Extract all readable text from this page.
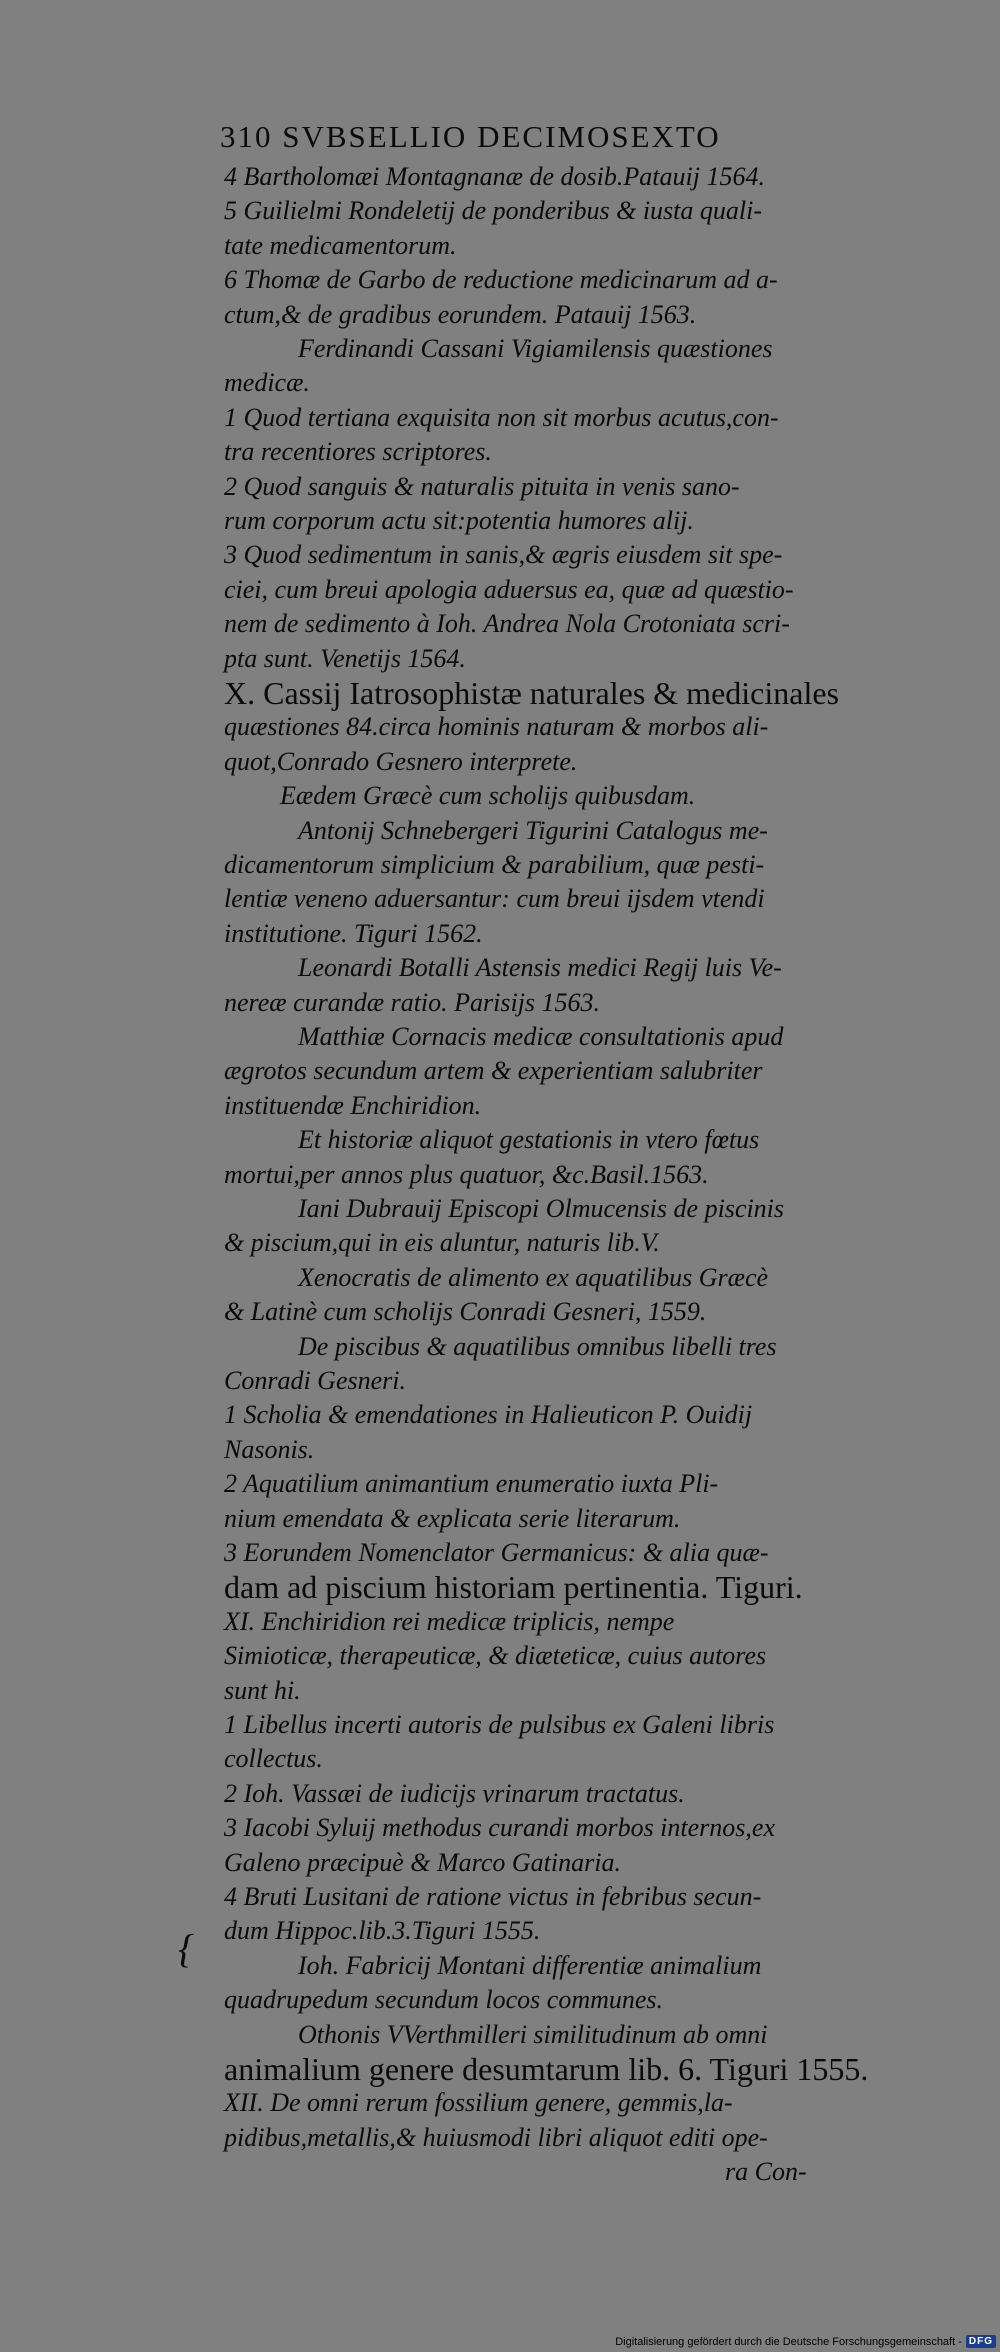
310 SVBSELLIO DECIMOSEXTO
4 Bartholomæi Montagnanæ de dosib.Patauij 1564.
5 Guilielmi Rondeletij de ponderibus & iusta quali-
tate medicamentorum.
6 Thomæ de Garbo de reductione medicinarum ad a-
ctum,& de gradibus eorundem. Patauij 1563.
Ferdinandi Cassani Vigiamilensis quæstiones
medicæ.
1 Quod tertiana exquisita non sit morbus acutus,con-
tra recentiores scriptores.
2 Quod sanguis & naturalis pituita in venis sano-
rum corporum actu sit:potentia humores alij.
3 Quod sedimentum in sanis,& ægris eiusdem sit spe-
ciei, cum breui apologia aduersus ea, quæ ad quæstio-
nem de sedimento à Ioh. Andrea Nola Crotoniata scri-
pta sunt. Venetijs 1564.
X. Cassij Iatrosophistæ naturales & medicinales
quæstiones 84.circa hominis naturam & morbos ali-
quot,Conrado Gesnero interprete.
Eædem Græcè cum scholijs quibusdam.
Antonij Schnebergeri Tigurini Catalogus me-
dicamentorum simplicium & parabilium, quæ pesti-
lentiæ veneno aduersantur: cum breui ijsdem vtendi
institutione. Tiguri 1562.
Leonardi Botalli Astensis medici Regij luis Ve-
nereæ curandæ ratio. Parisijs 1563.
Matthiæ Cornacis medicæ consultationis apud
ægrotos secundum artem & experientiam salubriter
instituendæ Enchiridion.
Et historiæ aliquot gestationis in vtero fœtus
mortui,per annos plus quatuor, &c.Basil.1563.
Iani Dubrauij Episcopi Olmucensis de piscinis
& piscium,qui in eis aluntur, naturis lib.V.
Xenocratis de alimento ex aquatilibus Græcè
& Latinè cum scholijs Conradi Gesneri, 1559.
De piscibus & aquatilibus omnibus libelli tres
Conradi Gesneri.
1 Scholia & emendationes in Halieuticon P. Ouidij
Nasonis.
2 Aquatilium animantium enumeratio iuxta Pli-
nium emendata & explicata serie literarum.
3 Eorundem Nomenclator Germanicus: & alia quæ-
dam ad piscium historiam pertinentia. Tiguri.
XI. Enchiridion rei medicæ triplicis, nempe
Simioticæ, therapeuticæ, & diæteticæ, cuius autores
sunt hi.
1 Libellus incerti autoris de pulsibus ex Galeni libris
collectus.
2 Ioh. Vassæi de iudicijs vrinarum tractatus.
3 Iacobi Syluij methodus curandi morbos internos,ex
Galeno præcipuè & Marco Gatinaria.
4 Bruti Lusitani de ratione victus in febribus secun-
dum Hippoc.lib.3.Tiguri 1555.
Ioh. Fabricij Montani differentiæ animalium
quadrupedum secundum locos communes.
Othonis VVerthmilleri similitudinum ab omni
animalium genere desumtarum lib. 6. Tiguri 1555.
XII. De omni rerum fossilium genere, gemmis,la-
pidibus,metallis,& huiusmodi libri aliquot editi ope-
ra Con-
{
Digitalisierung gefördert durch die Deutsche Forschungsgemeinschaft - DFG
